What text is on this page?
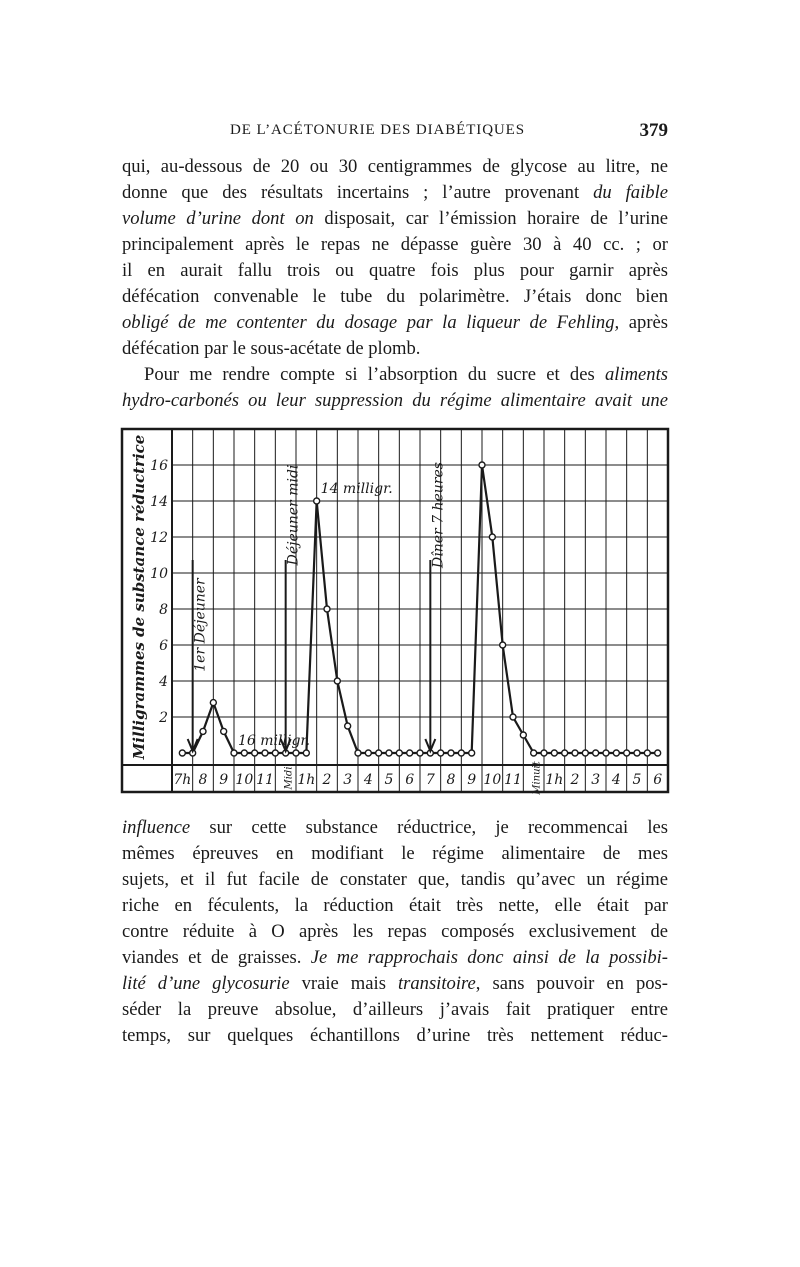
DE L’ACÉTONURIE DES DIABÉTIQUES	379
qui, au-dessous de 20 ou 30 centigrammes de glycose au litre, ne
donne que des résultats incertains ; l’autre provenant du faible
volume d’urine dont on disposait, car l’émission horaire de l’urine
principalement après le repas ne dépasse guère 30 à 40 cc. ; or
il en aurait fallu trois ou quatre fois plus pour garnir après
défécation convenable le tube du polarimètre. J’étais donc bien
obligé de me contenter du dosage par la liqueur de Fehling, après
défécation par le sous-acétate de plomb.
Pour me rendre compte si l’absorption du sucre et des aliments
hydro-carbonés ou leur suppression du régime alimentaire avait une
7h 8 9 10 11 Midi 1h 2 3 4 5 6 7 8 9 10 11 Minuit 1h 2 3 4 5 6
16
14
12
10
8
6
4
2
Milligrammes de substance réductrice	1er Déjeuner
Déjeuner midi	Dîner 7 heures
14 milligr.
16 milligr.
influence sur cette substance réductrice, je recommencai les
mêmes épreuves en modifiant le régime alimentaire de mes
sujets, et il fut facile de constater que, tandis qu’avec un régime
riche en féculents, la réduction était très nette, elle était par
contre réduite à O après les repas composés exclusivement de
viandes et de graisses. Je me rapprochais donc ainsi de la possibi-
lité d’une glycosurie vraie mais transitoire, sans pouvoir en pos-
séder la preuve absolue, d’ailleurs j’avais fait pratiquer entre
temps, sur quelques échantillons d’urine très nettement réduc-
